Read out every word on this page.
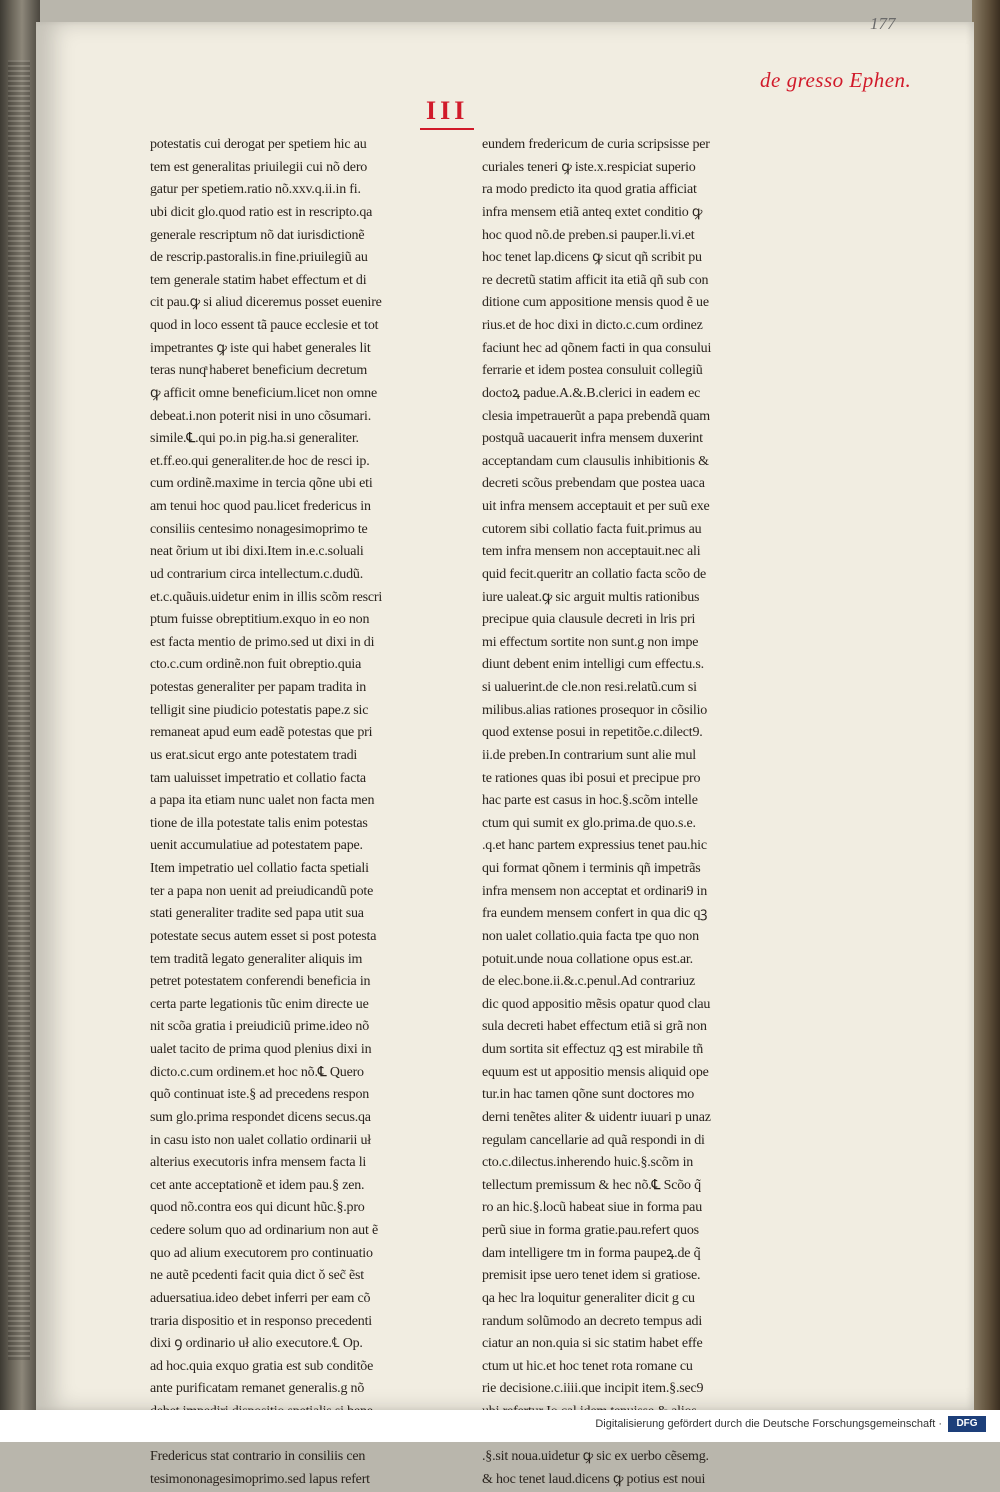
177
de gresso Ephen.
III
potestatis cui derogat per spetiem hic au
tem est generalitas priuilegii cui nõ dero
gatur per spetiem.ratio nõ.xxv.q.ii.in fi.
ubi dicit glo.quod ratio est in rescripto.qa
generale rescriptum nõ dat iurisdictionẽ
de rescrip.pastoralis.in fine.priuilegiũ au
tem generale statim habet effectum et di
cit pau.ꝙ si aliud diceremus posset euenire
quod in loco essent tã pauce ecclesie et tot
impetrantes ꝙ iste qui habet generales lit
teras nunqͣ haberet beneficium decretum
ꝙ afficit omne beneficium.licet non omne
debeat.i.non poterit nisi in uno cõsumari.
simile.℄.qui po.in pig.ha.si generaliter.
et.ff.eo.qui generaliter.de hoc de resci ip.
cum ordinẽ.maxime in tercia qõne ubi eti
am tenui hoc quod pau.licet fredericus in
consiliis centesimo nonagesimoprimo te
neat õrium ut ibi dixi.Item in.e.c.soluali
ud contrarium circa intellectum.c.dudũ.
et.c.quãuis.uidetur enim in illis scõm rescri
ptum fuisse obreptitium.exquo in eo non
est facta mentio de primo.sed ut dixi in di
cto.c.cum ordinẽ.non fuit obreptio.quia
potestas generaliter per papam tradita in
telligit sine piudicio potestatis pape.z sic
remaneat apud eum eadẽ potestas que pri
us erat.sicut ergo ante potestatem tradi
tam ualuisset impetratio et collatio facta
a papa ita etiam nunc ualet non facta men
tione de illa potestate talis enim potestas
uenit accumulatiue ad potestatem pape.
Item impetratio uel collatio facta spetiali
ter a papa non uenit ad preiudicandũ pote
stati generaliter tradite sed papa utit sua
potestate secus autem esset si post potesta
tem traditã legato generaliter aliquis im
petret potestatem conferendi beneficia in
certa parte legationis tũc enim directe ue
nit scõa gratia i preiudiciũ prime.ideo nõ
ualet tacito de prima quod plenius dixi in
dicto.c.cum ordinem.et hoc nõ.℄ Quero
quõ continuat iste.§ ad precedens respon
sum glo.prima respondet dicens secus.qa
in casu isto non ualet collatio ordinarii uł
alterius executoris infra mensem facta li
cet ante acceptationẽ et idem pau.§ zen.
quod nõ.contra eos qui dicunt hũc.§.pro
cedere solum quo ad ordinarium non aut ẽ
quo ad alium executorem pro continuatio
ne autẽ pcedenti facit quia dict ǒ sec̃ ẽst
aduersatiua.ideo debet inferri per eam cõ
traria dispositio et in responso precedenti
dixi ꝯ ordinario uł alio executore.℄ Op.
ad hoc.quia exquo gratia est sub conditõe
ante purificatam remanet generalis.g nõ
Fredericus stat contrario in consiliis cen
tesimononagesimoprimo.sed lapus refert
eundem fredericum de curia scripsisse per
curiales teneri ꝙ iste.x.respiciat superio
ra modo predicto ita quod gratia afficiat
infra mensem etiã anteq extet conditio ꝙ
hoc quod nõ.de preben.si pauper.li.vi.et
hoc tenet lap.dicens ꝙ sicut qñ scribit pu
re decretũ statim afficit ita etiã qñ sub con
ditione cum appositione mensis quod ẽ ue
rius.et de hoc dixi in dicto.c.cum ordinez
faciunt hec ad qõnem facti in qua consului
ferrarie et idem postea consuluit collegiũ
doctoꝝ padue.A.&.B.clerici in eadem ec
clesia impetrauerũt a papa prebendã quam
postquã uacauerit infra mensem duxerint
acceptandam cum clausulis inhibitionis &
decreti scõus prebendam que postea uaca
uit infra mensem acceptauit et per suũ exe
cutorem sibi collatio facta fuit.primus au
tem infra mensem non acceptauit.nec ali
quid fecit.queritr an collatio facta scõo de
iure ualeat.ꝙ sic arguit multis rationibus
precipue quia clausule decreti in lris pri
mi effectum sortite non sunt.g non impe
diunt debent enim intelligi cum effectu.s.
si ualuerint.de cle.non resi.relatũ.cum si
milibus.alias rationes prosequor in cõsilio
quod extense posui in repetitõe.c.dilect9.
ii.de preben.In contrarium sunt alie mul
te rationes quas ibi posui et precipue pro
hac parte est casus in hoc.§.scõm intelle
ctum qui sumit ex glo.prima.de quo.s.e.
.q.et hanc partem expressius tenet pau.hic
qui format qõnem i terminis qñ impetrãs
infra mensem non acceptat et ordinari9 in
fra eundem mensem confert in qua dic qꝫ
non ualet collatio.quia facta tpe quo non
potuit.unde noua collatione opus est.ar.
de elec.bone.ii.&.c.penul.Ad contrariuz
dic quod appositio mẽsis opatur quod clau
sula decreti habet effectum etiã si grã non
dum sortita sit effectuz qꝫ est mirabile tñ
equum est ut appositio mensis aliquid ope
tur.in hac tamen qõne sunt doctores mo
derni tenẽtes aliter & uidentr iuuari p unaz
regulam cancellarie ad quã respondi in di
cto.c.dilectus.inherendo huic.§.scõm in
tellectum premissum & hec nõ.℄ Scõo q̃
ro an hic.§.locũ habeat siue in forma pau
perũ siue in forma gratie.pau.refert quos
dam intelligere tm in forma paupeꝝ.de q̃
premisit ipse uero tenet idem si gratiose.
qa hec lra loquitur generaliter dicit g cu
randum solũmodo an decreto tempus adi
ciatur an non.quia si sic statim habet effe
ctum ut hic.et hoc tenet rota romane cu
rie decisione.c.iiii.que incipit item.§.sec9
.§.sit noua.uidetur ꝙ sic ex uerbo cẽsemg.
& hoc tenet laud.dicens ꝙ potius est noui
Digitalisierung gefördert durch die Deutsche Forschungsgemeinschaft ·	DFG
